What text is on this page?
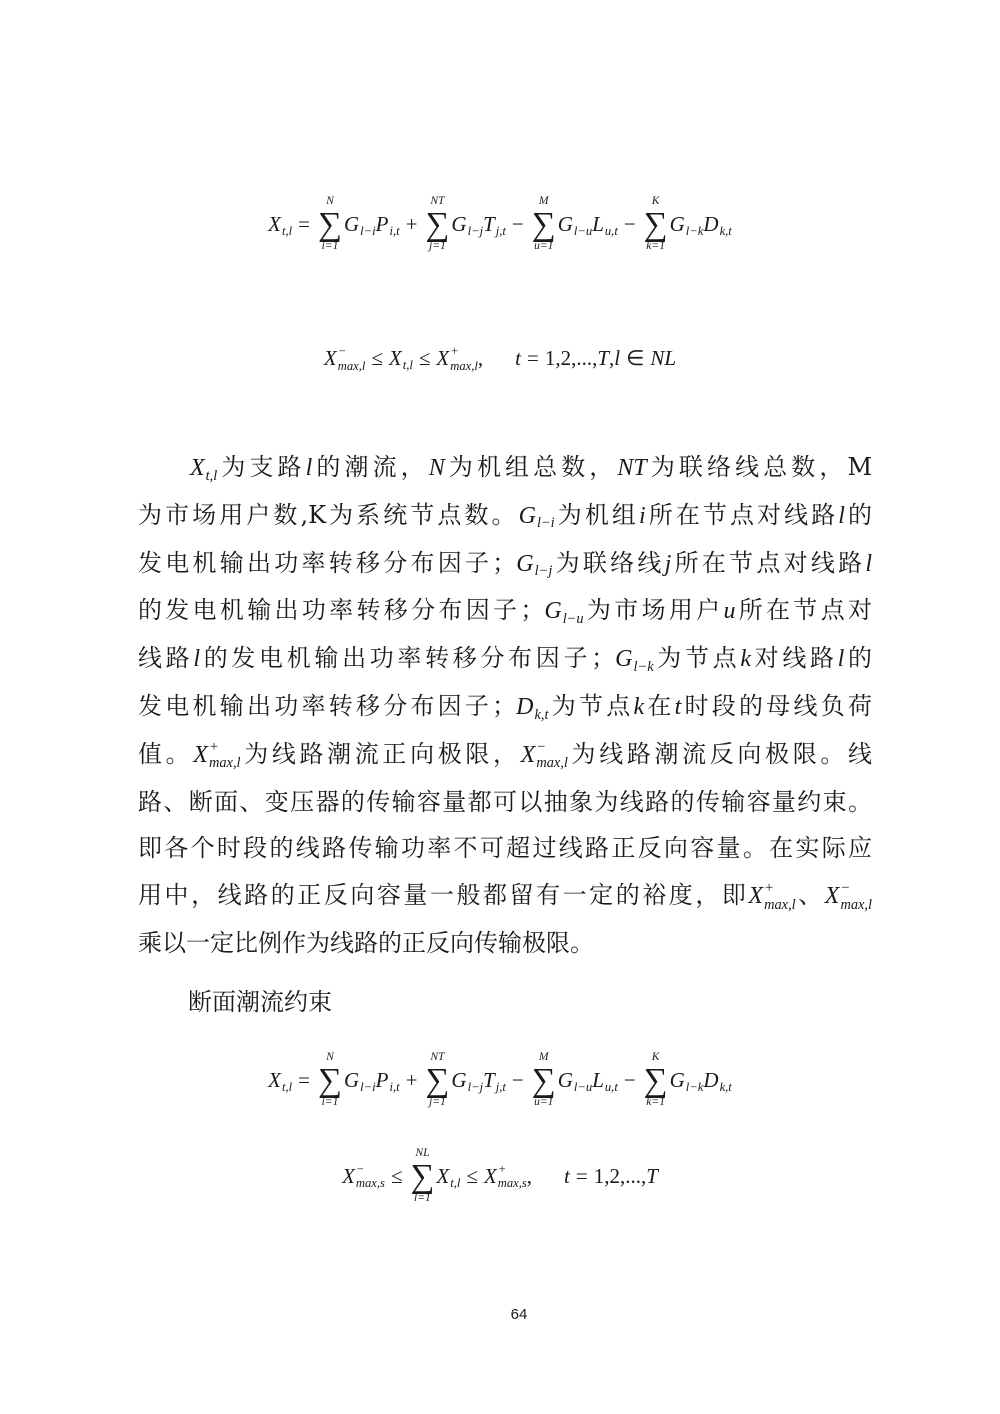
X t,l =
N
∑
i=1
G l−i P i,t +
NT
∑
j=1
G l−j T j,t −
M
∑
u=1
G l−u L u,t −
K
∑
k=1
G l−k D k,t
X −
max,l ≤ X t,l ≤ X +
max,l , t = 1,2,..., T , l ∈ NL
X t,l 为支路 l 的潮流， N 为机组总数， NT 为联络线总数，M
为市场用户数,K为系统节点数。 G l−i 为机组 i 所在节点对线路 l 的
发电机输出功率转移分布因子； G l−j 为联络线 j 所在节点对线路 l
的发电机输出功率转移分布因子； G l−u 为市场用户 u 所在节点对
线路 l 的发电机输出功率转移分布因子； G l−k 为节点 k 对线路 l 的
发电机输出功率转移分布因子； D k,t 为节点 k 在 t 时段的母线负荷
值。 X +
max,l 为线路潮流正向极限， X −
max,l 为线路潮流反向极限。线
路、断面、变压器的传输容量都可以抽象为线路的传输容量约束。
即各个时段的线路传输功率不可超过线路正反向容量。在实际应
用中，线路的正反向容量一般都留有一定的裕度，即 X +
max,l 、 X −
max,l
乘以一定比例作为线路的正反向传输极限。
断面潮流约束
X t,l =
N
∑
i=1
G l−i P i,t +
NT
∑
j=1
G l−j T j,t −
M
∑
u=1
G l−u L u,t −
K
∑
k=1
G l−k D k,t
X −
max,s ≤
NL
∑
l=1
X t,l ≤ X +
max,s , t = 1,2,..., T
64
